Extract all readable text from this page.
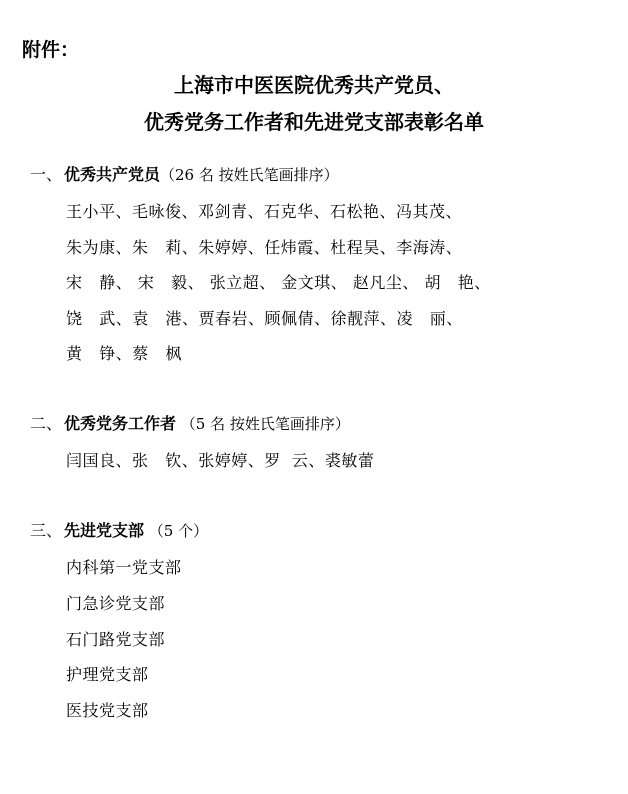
附件：
上海市中医医院优秀共产党员、
优秀党务工作者和先进党支部表彰名单
一、 优秀共产党员（26 名 按姓氏笔画排序）
王小平、毛咏俊、邓剑青、石克华、石松艳、冯其茂、
朱为康、朱   莉、朱婷婷、任炜霞、杜程昊、李海涛、
宋   静、 宋   毅、 张立超、 金文琪、 赵凡尘、 胡   艳、
饶   武、袁   港、贾春岩、顾佩倩、徐靓萍、凌   丽、
黄   铮、蔡   枫
二、 优秀党务工作者 （5 名 按姓氏笔画排序）
闫国良、张   钦、张婷婷、罗  云、裘敏蕾
三、 先进党支部 （5 个）
内科第一党支部
门急诊党支部
石门路党支部
护理党支部
医技党支部
